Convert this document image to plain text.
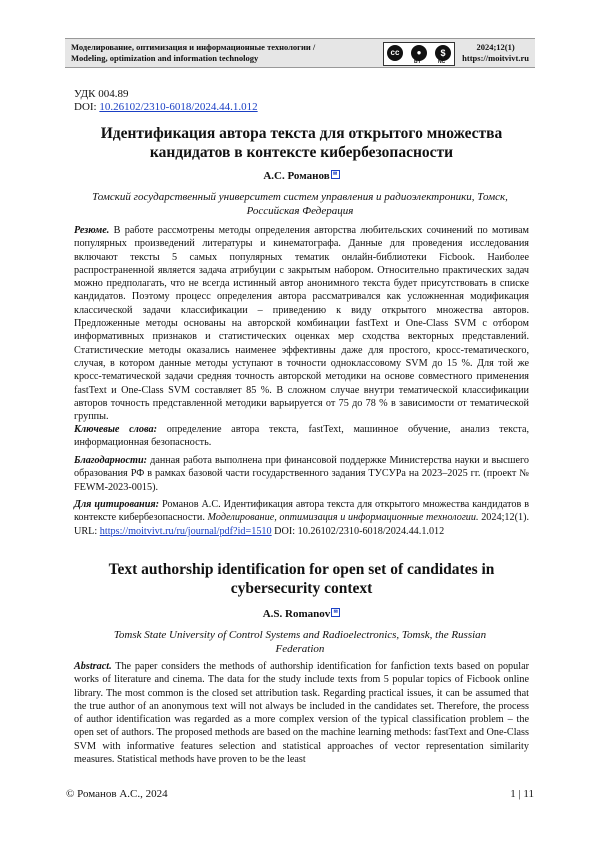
Моделирование, оптимизация и информационные технологии /
Modeling, optimization and information technology
cc	●	$
BY	NC
2024;12(1)
https://moitvivt.ru
УДК 004.89
DOI: 10.26102/2310-6018/2024.44.1.012
Идентификация автора текста для открытого множества кандидатов в контексте кибербезопасности
А.С. Романов ✉
Томский государственный университет систем управления и радиоэлектроники, Томск, Российская Федерация
Резюме. В работе рассмотрены методы определения авторства любительских сочинений по мотивам популярных произведений литературы и кинематографа. Данные для проведения исследования включают тексты 5 самых популярных тематик онлайн-библиотеки Ficbook. Наиболее распространенной является задача атрибуции с закрытым набором. Относительно практических задач можно предполагать, что не всегда истинный автор анонимного текста будет присутствовать в списке кандидатов. Поэтому процесс определения автора рассматривался как усложненная модификация классической задачи классификации – приведению к виду открытого множества авторов. Предложенные методы основаны на авторской комбинации fastText и One-Class SVM с отбором информативных признаков и статистических оценках мер сходства векторных представлений. Статистические методы оказались наименее эффективны даже для простого, кросс-тематического, случая, в котором данные методы уступают в точности одноклассовому SVM до 15 %. Для той же кросс-тематической задачи средняя точность авторской методики на основе совместного применения fastText и One-Class SVM составляет 85 %. В сложном случае внутри тематической классификации авторов точность представленной методики варьируется от 75 до 78 % в зависимости от тематической группы.
Ключевые слова: определение автора текста, fastText, машинное обучение, анализ текста, информационная безопасность.
Благодарности: данная работа выполнена при финансовой поддержке Министерства науки и высшего образования РФ в рамках базовой части государственного задания ТУСУРа на 2023–2025 гг. (проект № FEWM-2023-0015).
Для цитирования: Романов А.С. Идентификация автора текста для открытого множества кандидатов в контексте кибербезопасности. Моделирование, оптимизация и информационные технологии. 2024;12(1). URL: https://moitvivt.ru/ru/journal/pdf?id=1510 DOI: 10.26102/2310-6018/2024.44.1.012
Text authorship identification for open set of candidates in cybersecurity context
A.S. Romanov ✉
Tomsk State University of Control Systems and Radioelectronics, Tomsk, the Russian Federation
Abstract. The paper considers the methods of authorship identification for fanfiction texts based on popular works of literature and cinema. The data for the study include texts from 5 popular topics of Ficbook online library. The most common is the closed set attribution task. Regarding practical issues, it can be assumed that the true author of an anonymous text will not always be included in the candidates set. Therefore, the process of author identification was regarded as a more complex version of the typical classification problem – the open set of authors. The proposed methods are based on the machine learning methods: fastText and One-Class SVM with informative features selection and statistical approaches of vector representation similarity measures. Statistical methods have proven to be the least
© Романов А.С., 2024	1 | 11
